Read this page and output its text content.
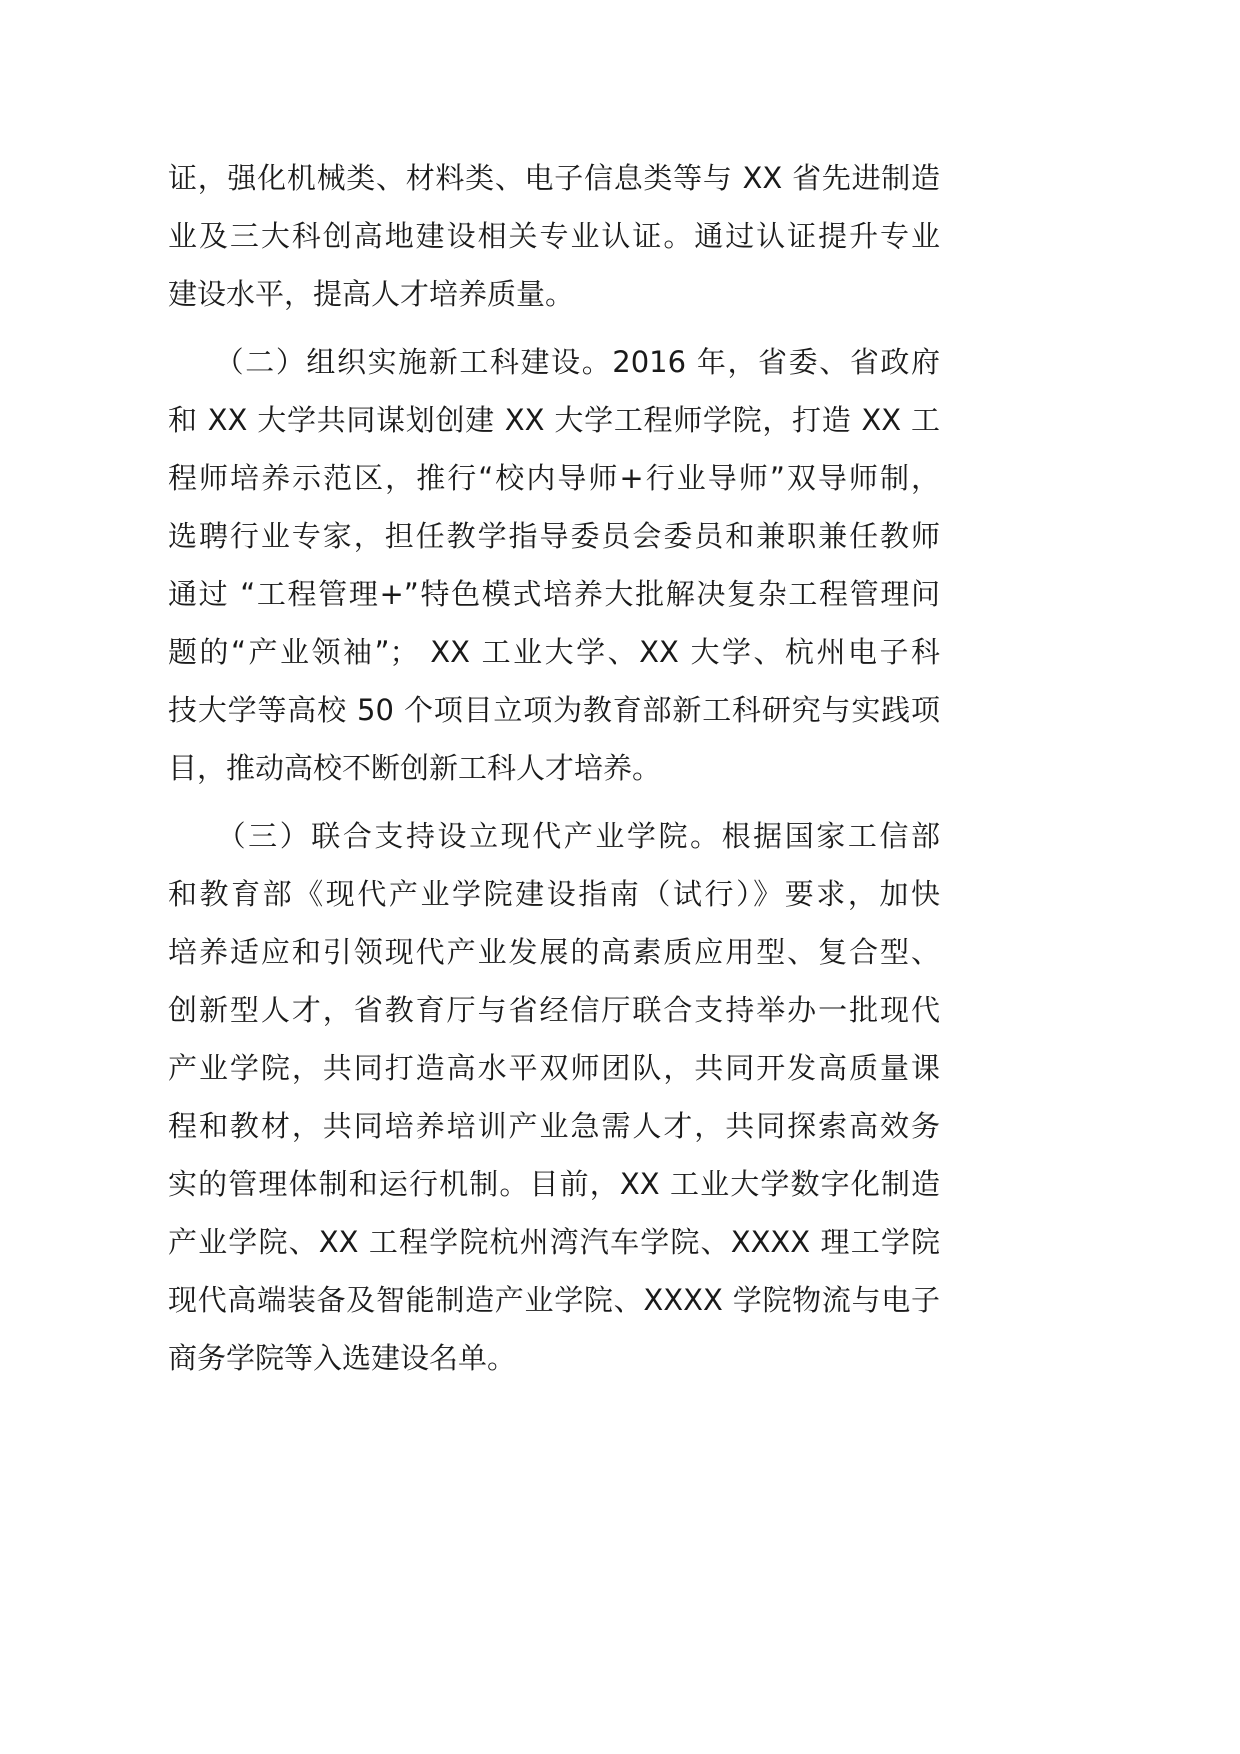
证，强化机械类、材料类、电子信息类等与 XX 省先进制造
业及三大科创高地建设相关专业认证。通过认证提升专业
建设水平，提高人才培养质量。
　　（二）组织实施新工科建设。2016 年，省委、省政府
和 XX 大学共同谋划创建 XX 大学工程师学院，打造 XX 工
程师培养示范区，推行“校内导师+行业导师”双导师制，
选聘行业专家，担任教学指导委员会委员和兼职兼任教师
通过 “工程管理+”特色模式培养大批解决复杂工程管理问
题的“产业领袖”； XX 工业大学、XX 大学、杭州电子科
技大学等高校 50 个项目立项为教育部新工科研究与实践项
目，推动高校不断创新工科人才培养。
　　（三）联合支持设立现代产业学院。根据国家工信部
和教育部《现代产业学院建设指南（试行）》要求，加快
培养适应和引领现代产业发展的高素质应用型、复合型、
创新型人才，省教育厅与省经信厅联合支持举办一批现代
产业学院，共同打造高水平双师团队，共同开发高质量课
程和教材，共同培养培训产业急需人才，共同探索高效务
实的管理体制和运行机制。目前，XX 工业大学数字化制造
产业学院、XX 工程学院杭州湾汽车学院、XXXX 理工学院
现代高端装备及智能制造产业学院、XXXX 学院物流与电子
商务学院等入选建设名单。
